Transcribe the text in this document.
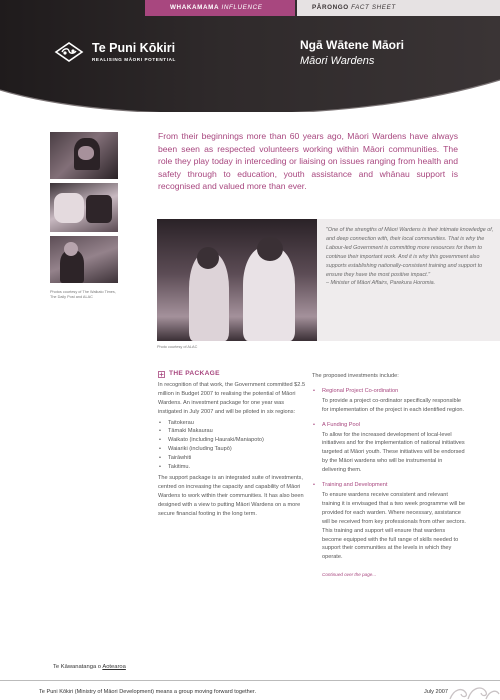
WHAKAMAMA INFLUENCE	PĀRONGO FACT SHEET
Te Puni Kōkiri
REALISING MĀORI POTENTIAL
Ngā Wātene Māori
Māori Wardens
Photos courtesy of The Waikato Times, The Daily Post and ALAC
From their beginnings more than 60 years ago, Māori Wardens have always been seen as respected volunteers working within Māori communities. The role they play today in interceding or liaising on issues ranging from health and safety through to education, youth assistance and whānau support is recognised and valued more than ever.
Photo courtesy of ALAC
"One of the strengths of Māori Wardens is their intimate knowledge of, and deep connection with, their local communities. That is why the Labour-led Government is committing more resources for them to continue their important work. And it is why this government also supports establishing nationally-consistent training and support to ensure they have the most positive impact."
– Minister of Māori Affairs, Parekura Horomia.
THE PACKAGE

In recognition of that work, the Government committed $2.5 million in Budget 2007 to realising the potential of Māori Wardens. An investment package for one year was instigated in July 2007 and will be piloted in six regions:

• Taitokerau
• Tāmaki Makaurau
• Waikato (including Hauraki/Maniapoto)
• Waiariki (including Taupō)
• Tairāwhiti
• Takitimu.

The support package is an integrated suite of investments, centred on increasing the capacity and capability of Māori Wardens to work within their communities. It has also been designed with a view to putting Māori Wardens on a more secure financial footing in the long term.

The proposed investments include:

• Regional Project Co-ordination
To provide a project co-ordinator specifically responsible for implementation of the project in each identified region.
• A Funding Pool
To allow for the increased development of local-level initiatives and for the implementation of national initiatives targeted at Māori youth. These initiatives will be endorsed by the Māori wardens who will be instrumental in delivering them.
• Training and Development
To ensure wardens receive consistent and relevant training it is envisaged that a two week programme will be provided for each warden. Where necessary, assistance will be received from key professionals from other sectors. This training and support will ensure that wardens become equipped with the full range of skills needed to support their communities at the levels in which they operate.
Continued over the page...
Te Kāwanatanga o Aotearoa
Te Puni Kōkiri (Ministry of Māori Development) means a group moving forward together.	July 2007
